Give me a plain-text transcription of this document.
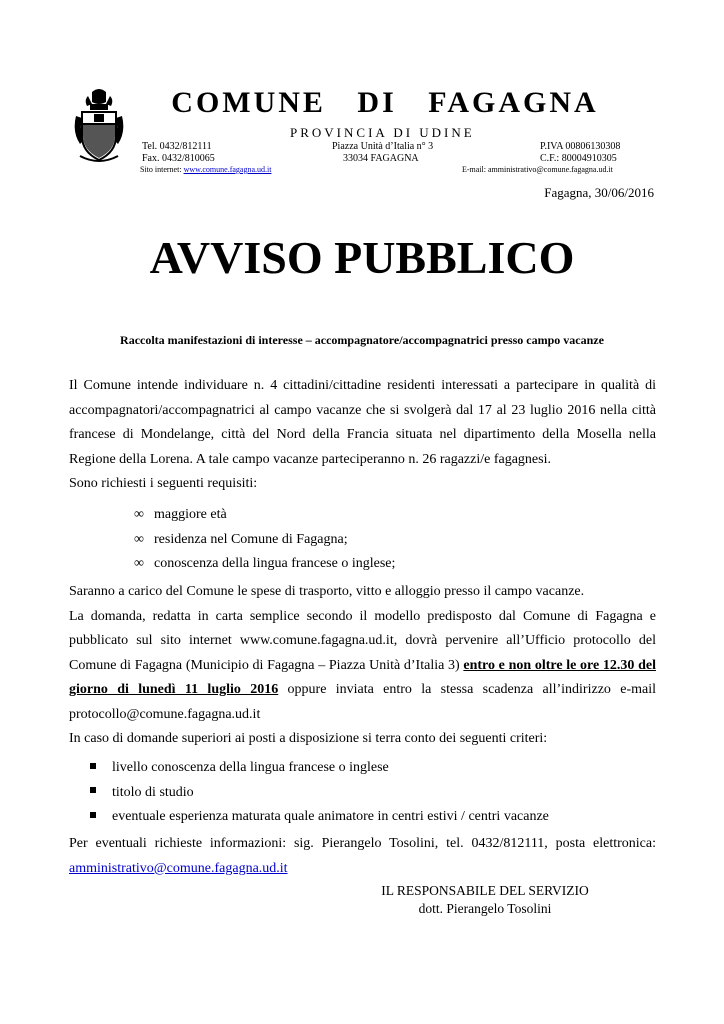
COMUNE   DI   FAGAGNA
PROVINCIA DI UDINE
Tel. 0432/812111
Fax. 0432/810065
Sito internet: www.comune.fagagna.ud.it
Piazza Unità d’Italia n° 3
33034 FAGAGNA
P.IVA 00806130308
C.F.: 80004910305
E-mail: amministrativo@comune.fagagna.ud.it
Fagagna, 30/06/2016
AVVISO PUBBLICO
Raccolta manifestazioni di interesse – accompagnatore/accompagnatrici presso campo vacanze

Il Comune intende individuare n. 4 cittadini/cittadine residenti interessati a partecipare in qualità di accompagnatori/accompagnatrici al campo vacanze che si svolgerà dal 17 al 23 luglio 2016 nella città francese di Mondelange, città del Nord della Francia situata nel dipartimento della Mosella nella Regione della Lorena. A tale campo vacanze parteciperanno n. 26 ragazzi/e fagagnesi.

Sono richiesti i seguenti requisiti:

∞ maggiore età
∞ residenza nel Comune di Fagagna;
∞ conoscenza della lingua francese o inglese;

Saranno a carico del Comune le spese di trasporto, vitto e alloggio presso il campo vacanze.

La domanda, redatta in carta semplice secondo il modello predisposto dal Comune di Fagagna e pubblicato sul sito internet www.comune.fagagna.ud.it, dovrà pervenire all’Ufficio protocollo del Comune di Fagagna (Municipio di Fagagna – Piazza Unità d’Italia 3) entro e non oltre le ore 12.30 del giorno di lunedì 11 luglio 2016 oppure inviata entro la stessa scadenza all’indirizzo e-mail protocollo@comune.fagagna.ud.it

In caso di domande superiori ai posti a disposizione si terra conto dei seguenti criteri:

livello conoscenza della lingua francese o inglese
titolo di studio
eventuale esperienza maturata quale animatore in centri estivi / centri vacanze

Per eventuali richieste informazioni: sig. Pierangelo Tosolini, tel. 0432/812111, posta elettronica: amministrativo@comune.fagagna.ud.it

IL RESPONSABILE DEL SERVIZIO
dott. Pierangelo Tosolini
